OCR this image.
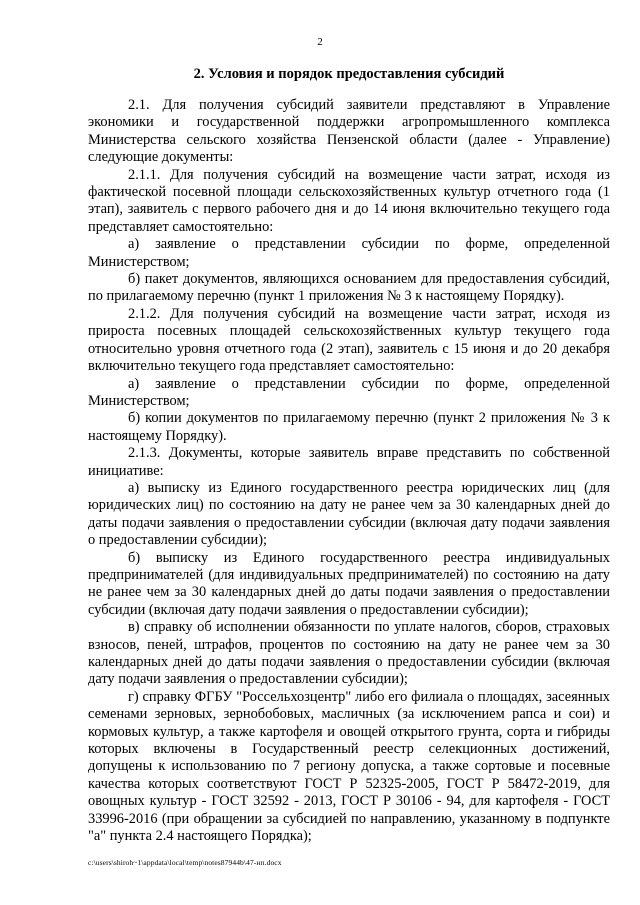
2
2. Условия и порядок предоставления субсидий

2.1. Для получения субсидий заявители представляют в Управление экономики и государственной поддержки агропромышленного комплекса Министерства сельского хозяйства Пензенской области (далее - Управление) следующие документы:

2.1.1. Для получения субсидий на возмещение части затрат, исходя из фактической посевной площади сельскохозяйственных культур отчетного года (1 этап), заявитель с первого рабочего дня и до 14 июня включительно текущего года представляет самостоятельно:

а) заявление о представлении субсидии по форме, определенной Министерством;

б) пакет документов, являющихся основанием для предоставления субсидий, по прилагаемому перечню (пункт 1 приложения № 3 к настоящему Порядку).

2.1.2. Для получения субсидий на возмещение части затрат, исходя из прироста посевных площадей сельскохозяйственных культур текущего года относительно уровня отчетного года (2 этап), заявитель с 15 июня и до 20 декабря включительно текущего года представляет самостоятельно:

а) заявление о представлении субсидии по форме, определенной Министерством;

б) копии документов по прилагаемому перечню (пункт 2 приложения № 3 к настоящему Порядку).

2.1.3. Документы, которые заявитель вправе представить по собственной инициативе:

а) выписку из Единого государственного реестра юридических лиц (для юридических лиц) по состоянию на дату не ранее чем за 30 календарных дней до даты подачи заявления о предоставлении субсидии (включая дату подачи заявления о предоставлении субсидии);

б) выписку из Единого государственного реестра индивидуальных предпринимателей (для индивидуальных предпринимателей) по состоянию на дату не ранее чем за 30 календарных дней до даты подачи заявления о предоставлении субсидии (включая дату подачи заявления о предоставлении субсидии);

в) справку об исполнении обязанности по уплате налогов, сборов, страховых взносов, пеней, штрафов, процентов по состоянию на дату не ранее чем за 30 календарных дней до даты подачи заявления о предоставлении субсидии (включая дату подачи заявления о предоставлении субсидии);

г) справку ФГБУ "Россельхозцентр" либо его филиала о площадях, засеянных семенами зерновых, зернобобовых, масличных (за исключением рапса и сои) и кормовых культур, а также картофеля и овощей открытого грунта, сорта и гибриды которых включены в Государственный реестр селекционных достижений, допущены к использованию по 7 региону допуска, а также сортовые и посевные качества которых соответствуют ГОСТ Р 52325-2005, ГОСТ Р 58472-2019, для овощных культур - ГОСТ 32592 - 2013, ГОСТ Р 30106 - 94, для картофеля - ГОСТ 33996-2016 (при обращении за субсидией по направлению, указанному в подпункте "а" пункта 2.4 настоящего Порядка);

c:\users\shiroh~1\appdata\local\temp\notes87944b\47-нп.docx
